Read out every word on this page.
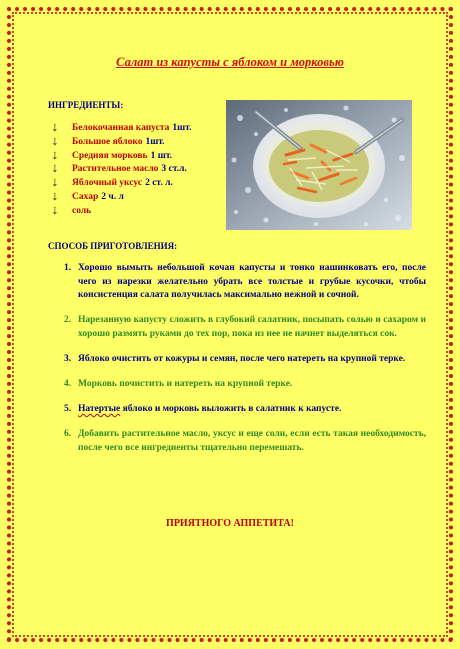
Салат из капусты с яблоком и морковью
ИНГРЕДИЕНТЫ:
⇣ Белокочанная капуста 1шт.
⇣ Большое яблоко 1шт.
⇣ Средняя морковь 1 шт.
⇣ Растительное масло 3 ст.л.
⇣ Яблочный уксус 2 ст. л.
⇣ Сахар 2 ч. л
⇣ соль
СПОСОБ ПРИГОТОВЛЕНИЯ:
1. Хорошо вымыть небольшой кочан капусты и тонко нашинковать его, после чего из нарезки желательно убрать все толстые и грубые кусочки, чтобы консистенция салата получилась максимально нежной и сочной.
2. Нарезанную капусту сложить в глубокий салатник, посыпать солью и сахаром и хорошо размять руками до тех пор, пока из нее не начнет выделяться сок.
3. Яблоко очистить от кожуры и семян, после чего натереть на крупной терке.
4. Морковь почистить и натереть на крупной терке.
5. Натертые яблоко и морковь выложить в салатник к капусте.
6. Добавить растительное масло, уксус и еще соли, если есть такая необходимость, после чего все ингредиенты тщательно перемешать.
ПРИЯТНОГО АППЕТИТА!
